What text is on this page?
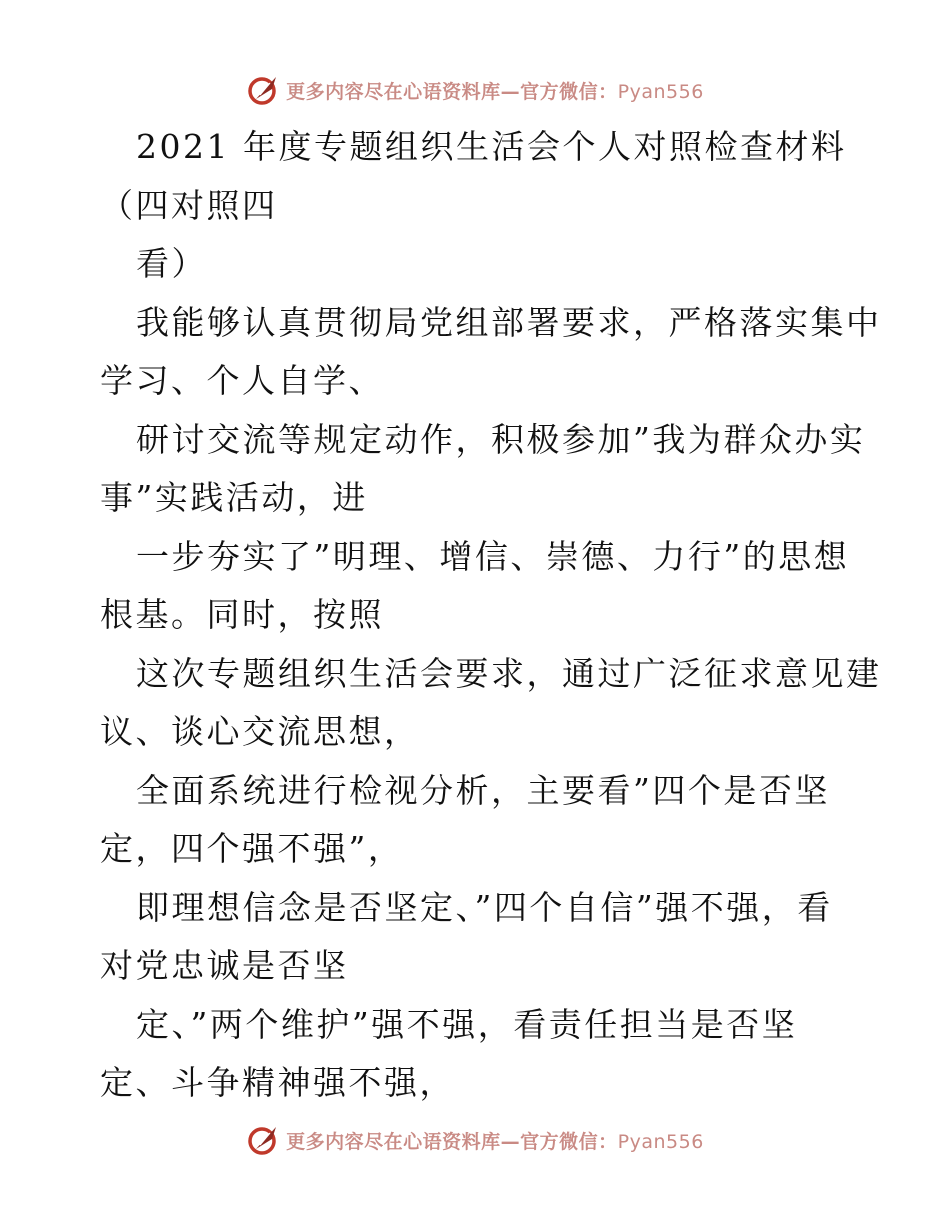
更多内容尽在心语资料库—官方微信：Pyan556
2021 年度专题组织生活会个人对照检查材料
（四对照四
看）
我能够认真贯彻局党组部署要求，严格落实集中
学习、个人自学、
研讨交流等规定动作，积极参加”我为群众办实
事”实践活动，进
一步夯实了”明理、增信、崇德、力行”的思想
根基。同时，按照
这次专题组织生活会要求，通过广泛征求意见建
议、谈心交流思想，
全面系统进行检视分析，主要看”四个是否坚
定，四个强不强”，
即理想信念是否坚定、”四个自信”强不强，看
对党忠诚是否坚
定、”两个维护”强不强，看责任担当是否坚
定、斗争精神强不强，
更多内容尽在心语资料库—官方微信：Pyan556
